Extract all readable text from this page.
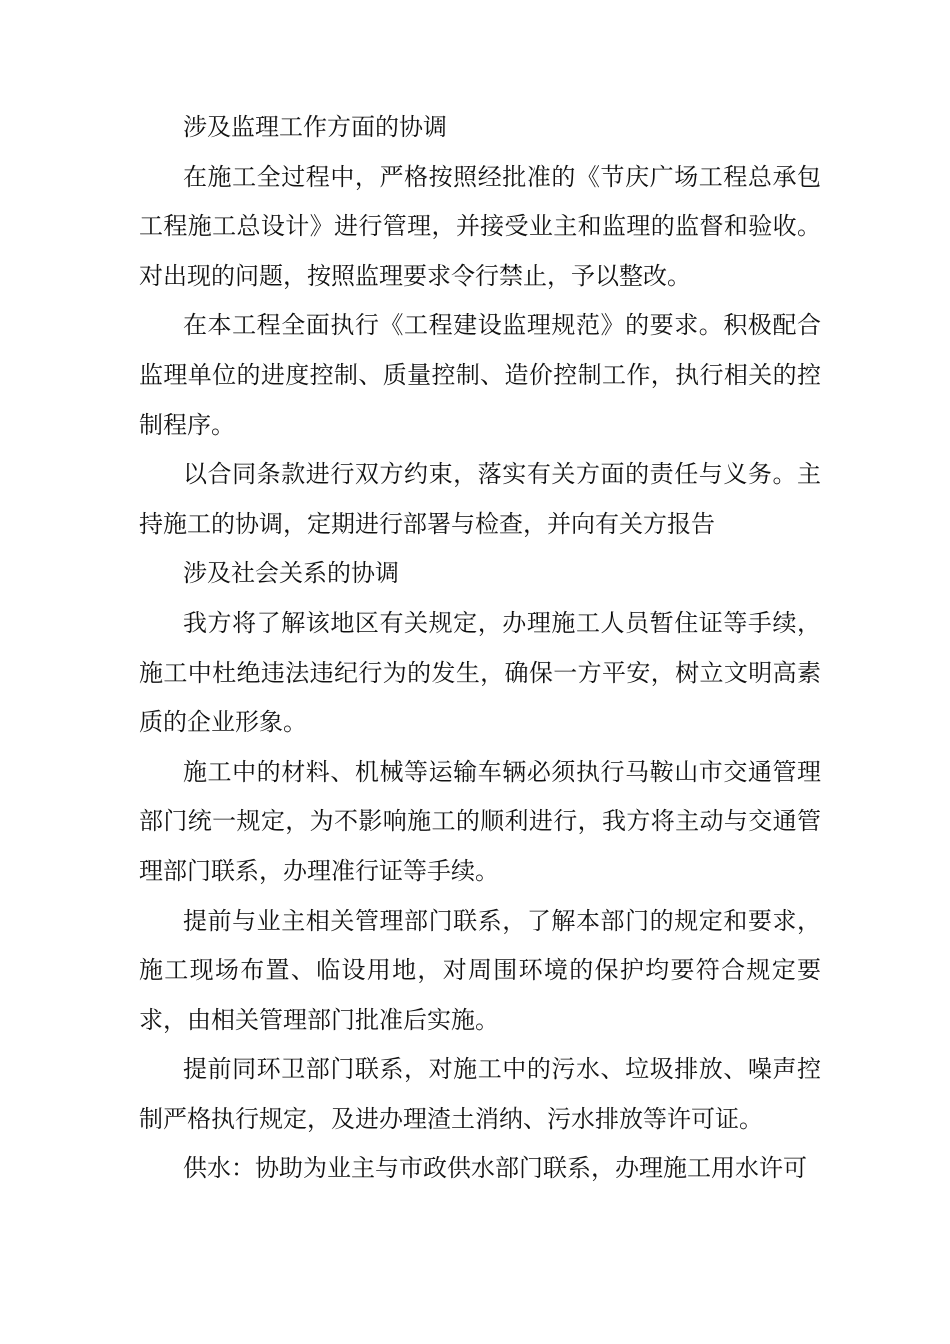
涉及监理工作方面的协调

在施工全过程中，严格按照经批准的《节庆广场工程总承包工程施工总设计》进行管理，并接受业主和监理的监督和验收。对出现的问题，按照监理要求令行禁止，予以整改。

在本工程全面执行《工程建设监理规范》的要求。积极配合监理单位的进度控制、质量控制、造价控制工作，执行相关的控制程序。

以合同条款进行双方约束，落实有关方面的责任与义务。主持施工的协调，定期进行部署与检查，并向有关方报告

涉及社会关系的协调

我方将了解该地区有关规定，办理施工人员暂住证等手续，施工中杜绝违法违纪行为的发生，确保一方平安，树立文明高素质的企业形象。

施工中的材料、机械等运输车辆必须执行马鞍山市交通管理部门统一规定，为不影响施工的顺利进行，我方将主动与交通管理部门联系，办理准行证等手续。

提前与业主相关管理部门联系，了解本部门的规定和要求，施工现场布置、临设用地，对周围环境的保护均要符合规定要求，由相关管理部门批准后实施。

提前同环卫部门联系，对施工中的污水、垃圾排放、噪声控制严格执行规定，及进办理渣土消纳、污水排放等许可证。

供水：协助为业主与市政供水部门联系，办理施工用水许可
